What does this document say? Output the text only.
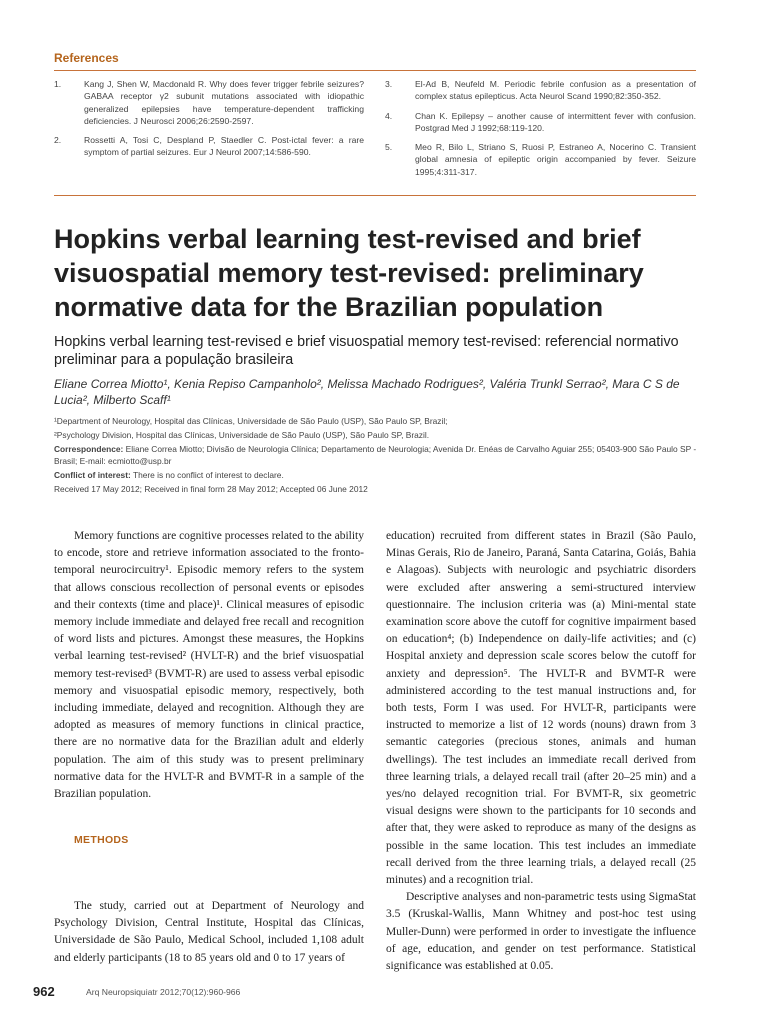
References
1.	Kang J, Shen W, Macdonald R. Why does fever trigger febrile seizures? GABAA receptor γ2 subunit mutations associated with idiopathic generalized epilepsies have temperature-dependent trafficking deficiencies. J Neurosci 2006;26:2590-2597.
2.	Rossetti A, Tosi C, Despland P, Staedler C. Post-ictal fever: a rare symptom of partial seizures. Eur J Neurol 2007;14:586-590.
3.	El-Ad B, Neufeld M. Periodic febrile confusion as a presentation of complex status epilepticus. Acta Neurol Scand 1990;82:350-352.
4.	Chan K. Epilepsy – another cause of intermittent fever with confusion. Postgrad Med J 1992;68:119-120.
5.	Meo R, Bilo L, Striano S, Ruosi P, Estraneo A, Nocerino C. Transient global amnesia of epileptic origin accompanied by fever. Seizure 1995;4:311-317.
Hopkins verbal learning test-revised and brief visuospatial memory test-revised: preliminary normative data for the Brazilian population
Hopkins verbal learning test-revised e brief visuospatial memory test-revised: referencial normativo preliminar para a população brasileira
Eliane Correa Miotto¹, Kenia Repiso Campanholo², Melissa Machado Rodrigues², Valéria Trunkl Serrao², Mara C S de Lucia², Milberto Scaff¹
¹Department of Neurology, Hospital das Clínicas, Universidade de São Paulo (USP), São Paulo SP, Brazil;
²Psychology Division, Hospital das Clínicas, Universidade de São Paulo (USP), São Paulo SP, Brazil.
Correspondence: Eliane Correa Miotto; Divisão de Neurologia Clínica; Departamento de Neurologia; Avenida Dr. Enéas de Carvalho Aguiar 255; 05403-900 São Paulo SP - Brasil; E-mail: ecmiotto@usp.br
Conflict of interest: There is no conflict of interest to declare.
Received 17 May 2012; Received in final form 28 May 2012; Accepted 06 June 2012

Memory functions are cognitive processes related to the ability to encode, store and retrieve information associated to the fronto-temporal neurocircuitry¹. Episodic memory refers to the system that allows conscious recollection of personal events or episodes and their contexts (time and place)¹. Clinical measures of episodic memory include immediate and delayed free recall and recognition of word lists and pictures. Amongst these measures, the Hopkins verbal learning test-revised² (HVLT-R) and the brief visuospatial memory test-revised³ (BVMT-R) are used to assess verbal episodic memory and visuospatial episodic memory, respectively, both including immediate, delayed and recognition. Although they are adopted as measures of memory functions in clinical practice, there are no normative data for the Brazilian adult and elderly population. The aim of this study was to present preliminary normative data for the HVLT-R and BVMT-R in a sample of the Brazilian population.

METHODS

The study, carried out at Department of Neurology and Psychology Division, Central Institute, Hospital das Clínicas, Universidade de São Paulo, Medical School, included 1,108 adult and elderly participants (18 to 85 years old and 0 to 17 years of

education) recruited from different states in Brazil (São Paulo, Minas Gerais, Rio de Janeiro, Paraná, Santa Catarina, Goiás, Bahia e Alagoas). Subjects with neurologic and psychiatric disorders were excluded after answering a semi-structured interview questionnaire. The inclusion criteria was (a) Mini-mental state examination score above the cutoff for cognitive impairment based on education⁴; (b) Independence on daily-life activities; and (c) Hospital anxiety and depression scale scores below the cutoff for anxiety and depression⁵. The HVLT-R and BVMT-R were administered according to the test manual instructions and, for both tests, Form I was used. For HVLT-R, participants were instructed to memorize a list of 12 words (nouns) drawn from 3 semantic categories (precious stones, animals and human dwellings). The test includes an immediate recall derived from three learning trials, a delayed recall trail (after 20–25 min) and a yes/no delayed recognition trial. For BVMT-R, six geometric visual designs were shown to the participants for 10 seconds and after that, they were asked to reproduce as many of the designs as possible in the same location. This test includes an immediate recall derived from the three learning trials, a delayed recall (25 minutes) and a recognition trial.

Descriptive analyses and non-parametric tests using SigmaStat 3.5 (Kruskal-Wallis, Mann Whitney and post-hoc test using Muller-Dunn) were performed in order to investigate the influence of age, education, and gender on test performance. Statistical significance was established at 0.05.

962	Arq Neuropsiquiatr 2012;70(12):960-966
